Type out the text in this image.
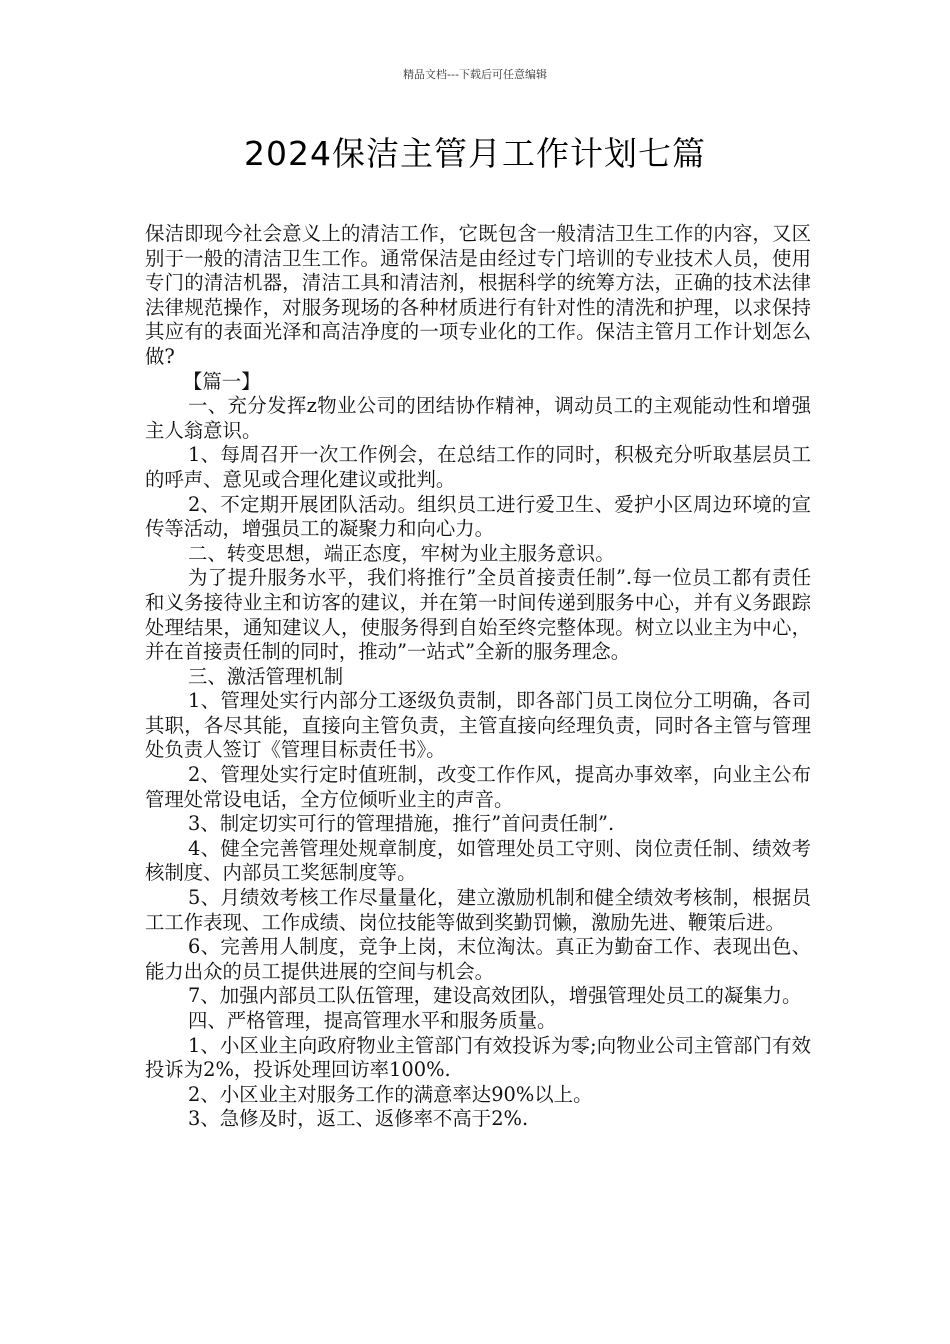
精品文档---下载后可任意编辑
2024保洁主管月工作计划七篇

保洁即现今社会意义上的清洁工作，它既包含一般清洁卫生工作的内容，又区别于一般的清洁卫生工作。通常保洁是由经过专门培训的专业技术人员，使用专门的清洁机器，清洁工具和清洁剂，根据科学的统筹方法，正确的技术法律法律规范操作，对服务现场的各种材质进行有针对性的清洗和护理，以求保持其应有的表面光泽和高洁净度的一项专业化的工作。保洁主管月工作计划怎么做?

【篇一】

一、充分发挥z物业公司的团结协作精神，调动员工的主观能动性和增强主人翁意识。

1、每周召开一次工作例会，在总结工作的同时，积极充分听取基层员工的呼声、意见或合理化建议或批判。

2、不定期开展团队活动。组织员工进行爱卫生、爱护小区周边环境的宣传等活动，增强员工的凝聚力和向心力。

二、转变思想，端正态度，牢树为业主服务意识。

为了提升服务水平，我们将推行”全员首接责任制”.每一位员工都有责任和义务接待业主和访客的建议，并在第一时间传递到服务中心，并有义务跟踪处理结果，通知建议人，使服务得到自始至终完整体现。树立以业主为中心，并在首接责任制的同时，推动”一站式”全新的服务理念。

三、激活管理机制

1、管理处实行内部分工逐级负责制，即各部门员工岗位分工明确，各司其职，各尽其能，直接向主管负责，主管直接向经理负责，同时各主管与管理处负责人签订《管理目标责任书》。

2、管理处实行定时值班制，改变工作作风，提高办事效率，向业主公布管理处常设电话，全方位倾听业主的声音。

3、制定切实可行的管理措施，推行”首问责任制”.

4、健全完善管理处规章制度，如管理处员工守则、岗位责任制、绩效考核制度、内部员工奖惩制度等。

5、月绩效考核工作尽量量化，建立激励机制和健全绩效考核制，根据员工工作表现、工作成绩、岗位技能等做到奖勤罚懒，激励先进、鞭策后进。

6、完善用人制度，竞争上岗，末位淘汰。真正为勤奋工作、表现出色、能力出众的员工提供进展的空间与机会。

7、加强内部员工队伍管理，建设高效团队，增强管理处员工的凝集力。

四、严格管理，提高管理水平和服务质量。

1、小区业主向政府物业主管部门有效投诉为零;向物业公司主管部门有效投诉为2%，投诉处理回访率100%.

2、小区业主对服务工作的满意率达90%以上。

3、急修及时，返工、返修率不高于2%.
